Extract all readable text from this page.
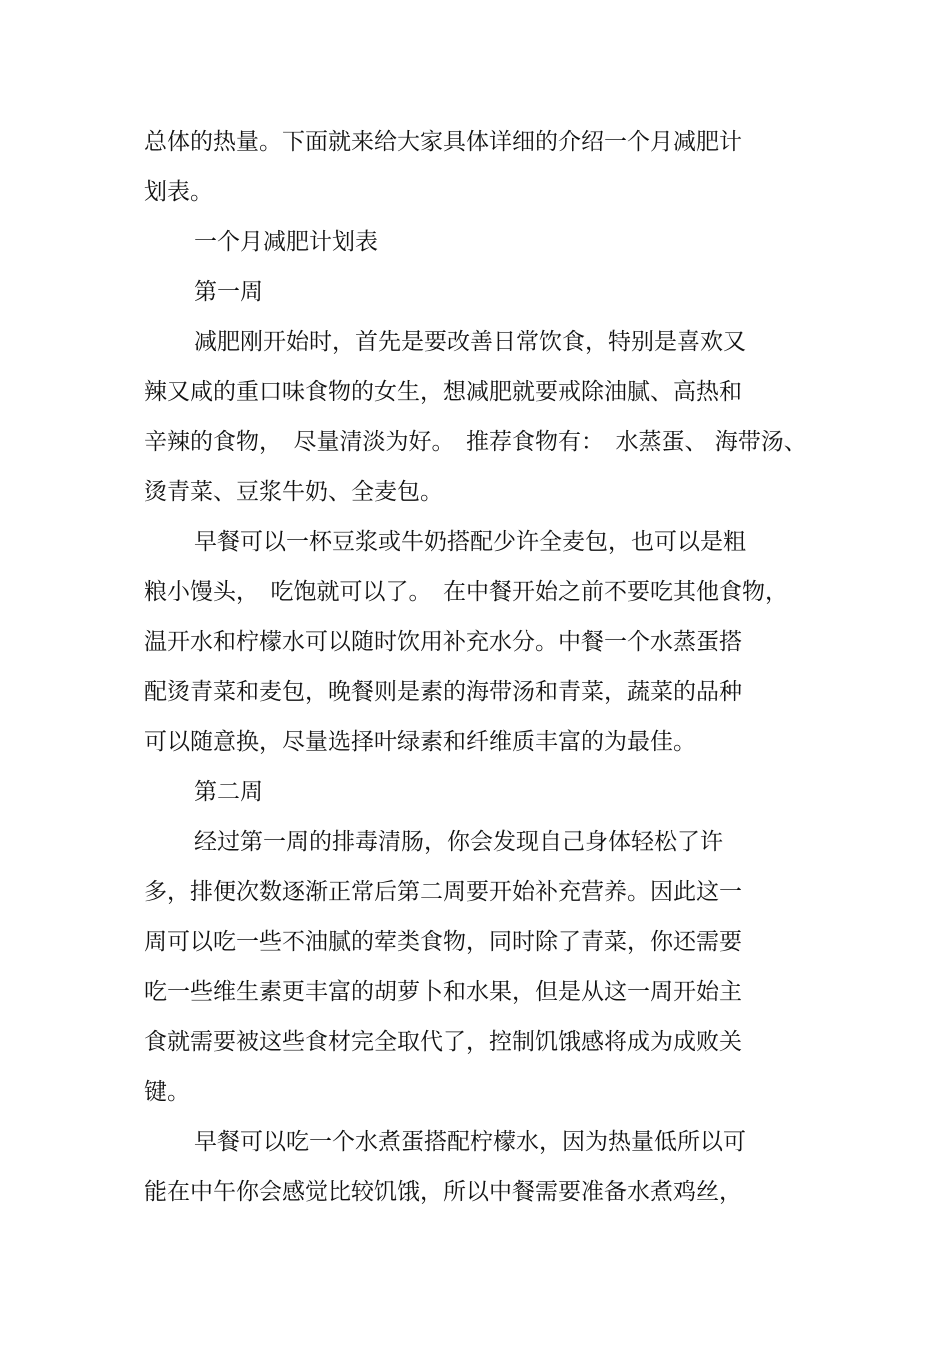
总体的热量。下面就来给大家具体详细的介绍一个月减肥计
划表。
一个月减肥计划表
第一周
减肥刚开始时，首先是要改善日常饮食，特别是喜欢又
辣又咸的重口味食物的女生，想减肥就要戒除油腻、高热和
辛辣的食物，　尽量清淡为好。　推荐食物有：　水蒸蛋、 海带汤、
烫青菜、豆浆牛奶、全麦包。
早餐可以一杯豆浆或牛奶搭配少许全麦包，也可以是粗
粮小馒头，　吃饱就可以了。　在中餐开始之前不要吃其他食物，
温开水和柠檬水可以随时饮用补充水分。中餐一个水蒸蛋搭
配烫青菜和麦包，晚餐则是素的海带汤和青菜，蔬菜的品种
可以随意换，尽量选择叶绿素和纤维质丰富的为最佳。
第二周
经过第一周的排毒清肠，你会发现自己身体轻松了许
多，排便次数逐渐正常后第二周要开始补充营养。因此这一
周可以吃一些不油腻的荤类食物，同时除了青菜，你还需要
吃一些维生素更丰富的胡萝卜和水果，但是从这一周开始主
食就需要被这些食材完全取代了，控制饥饿感将成为成败关
键。
早餐可以吃一个水煮蛋搭配柠檬水，因为热量低所以可
能在中午你会感觉比较饥饿，所以中餐需要准备水煮鸡丝，
